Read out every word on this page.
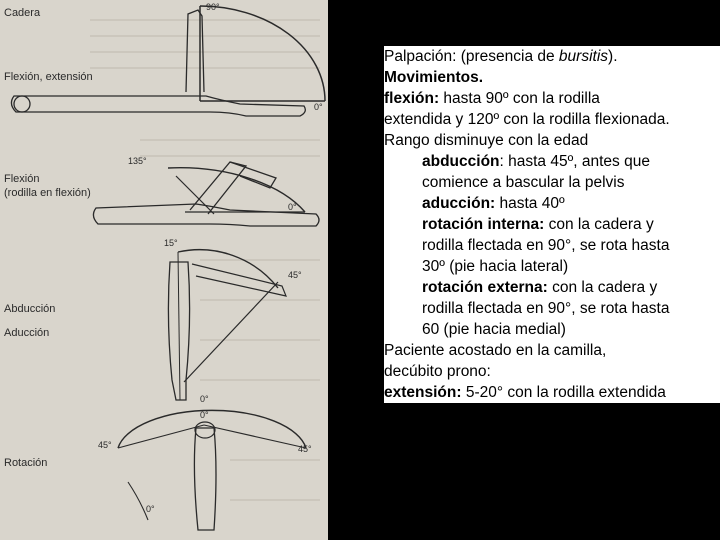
Cadera
Flexión, extensión
90°
0°
Flexión
(rodilla en flexión)
135°
0°
Abducción
Aducción
15°
45°
0°
Rotación
0°
45°	45°
0°

Palpación: (presencia de bursitis).

Movimientos.

flexión: hasta 90º con la rodilla

extendida y 120º con la rodilla flexionada.

Rango disminuye con la edad

abducción: hasta 45º, antes que

comience a bascular la pelvis

aducción: hasta 40º

rotación interna: con la cadera y

rodilla flectada en 90°, se rota hasta

30º (pie hacia lateral)

rotación externa: con la cadera y

rodilla flectada en 90°, se rota hasta

60 (pie hacia medial)

Paciente acostado en la camilla,

decúbito prono:

extensión: 5-20° con la rodilla extendida
